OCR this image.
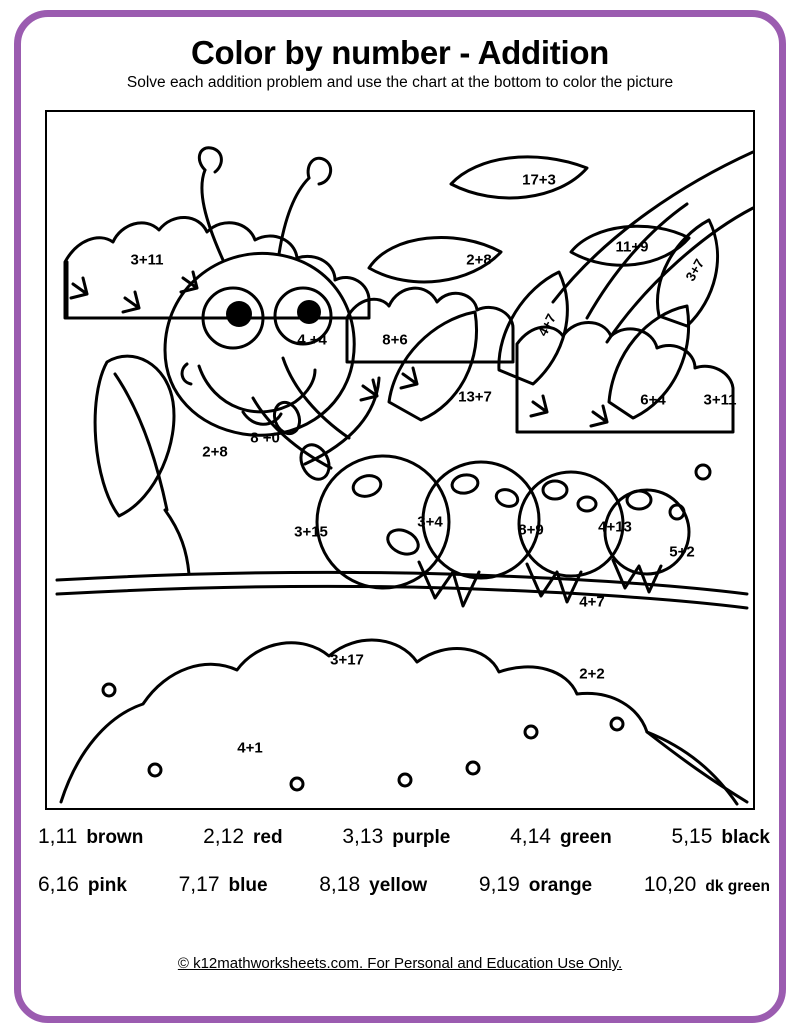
Color by number - Addition
Solve each addition problem and use the chart at the bottom to color the picture
3+11
17+3
2+8
11+9
3+7
4+7
8+6
4 +4
13+7	6+4	3+11
8 +0
2+8
3+15
3+4	8+9	4+13
5+2
4+7
3+17
2+2
4+1
1,11 brown	2,12 red	3,13 purple	4,14 green	5,15 black
6,16 pink 7,17 blue 8,18 yellow 9,19 orange 10,20 dk green
© k12mathworksheets.com. For Personal and Education Use Only.
